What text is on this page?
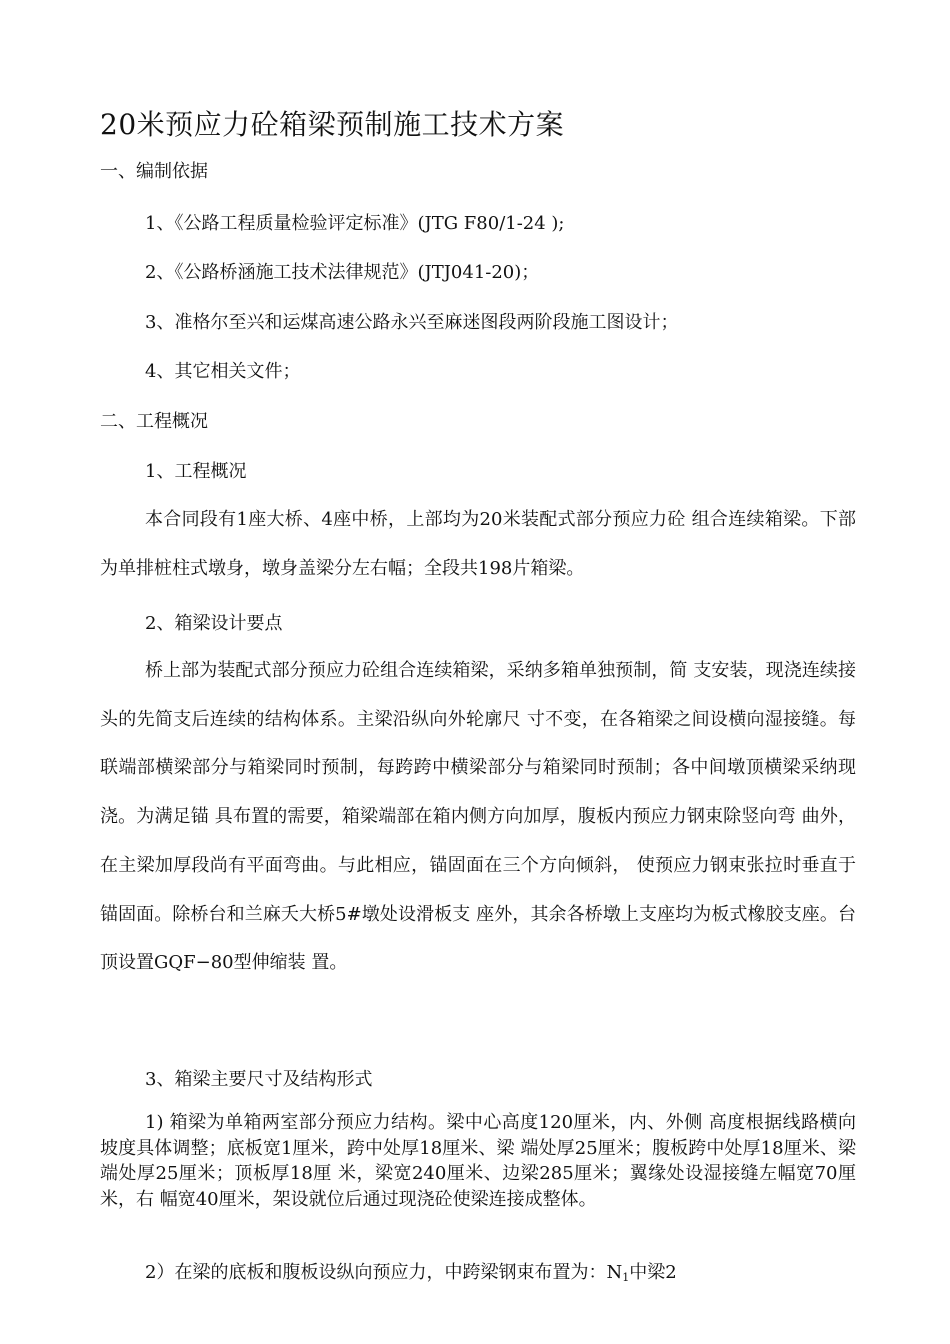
20米预应力砼箱梁预制施工技术方案
一、编制依据
1、《公路工程质量检验评定标准》(JTG F80/1-24 );
2、《公路桥涵施工技术法律规范》(JTJ041-20)；
3、准格尔至兴和运煤高速公路永兴至麻迷图段两阶段施工图设计；
4、其它相关文件；
二、工程概况
1、工程概况
本合同段有1座大桥、4座中桥，上部均为20米装配式部分预应力砼 组合连续箱梁。下部为单排桩柱式墩身，墩身盖梁分左右幅；全段共198片箱梁。
2、箱梁设计要点
桥上部为装配式部分预应力砼组合连续箱梁，采纳多箱单独预制，简 支安装，现浇连续接头的先简支后连续的结构体系。主梁沿纵向外轮廓尺 寸不变，在各箱梁之间设横向湿接缝。每联端部横梁部分与箱梁同时预制，每跨跨中横梁部分与箱梁同时预制；各中间墩顶横梁采纳现浇。为满足锚 具布置的需要，箱梁端部在箱内侧方向加厚，腹板内预应力钢束除竖向弯 曲外，在主梁加厚段尚有平面弯曲。与此相应，锚固面在三个方向倾斜， 使预应力钢束张拉时垂直于锚固面。除桥台和兰麻夭大桥5#墩处设滑板支 座外，其余各桥墩上支座均为板式橡胶支座。台顶设置GQF−80型伸缩装 置。
3、箱梁主要尺寸及结构形式
1) 箱梁为单箱两室部分预应力结构。梁中心高度120厘米，内、外侧 高度根据线路横向坡度具体调整；底板宽1厘米，跨中处厚18厘米、梁 端处厚25厘米；腹板跨中处厚18厘米、梁端处厚25厘米；顶板厚18厘 米，梁宽240厘米、边梁285厘米；翼缘处设湿接缝左幅宽70厘米，右 幅宽40厘米，架设就位后通过现浇砼使梁连接成整体。
2）在梁的底板和腹板设纵向预应力，中跨梁钢束布置为：$N_1$中梁2
